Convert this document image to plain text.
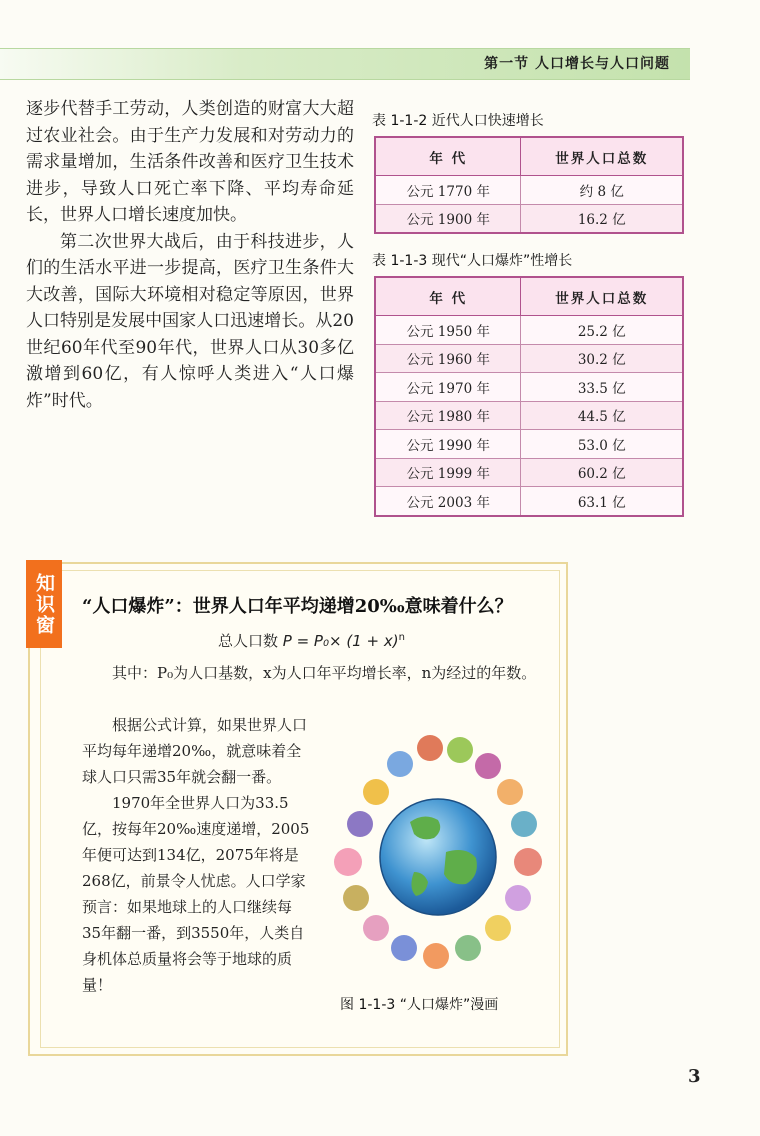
第一节 人口增长与人口问题

逐步代替手工劳动，人类创造的财富大大超过农业社会。由于生产力发展和对劳动力的需求量增加，生活条件改善和医疗卫生技术进步，导致人口死亡率下降、平均寿命延长，世界人口增长速度加快。

第二次世界大战后，由于科技进步，人们的生活水平进一步提高，医疗卫生条件大大改善，国际大环境相对稳定等原因，世界人口特别是发展中国家人口迅速增长。从20世纪60年代至90年代，世界人口从30多亿激增到60亿，有人惊呼人类进入“人口爆炸”时代。

表 1-1-2 近代人口快速增长
年 代	世界人口总数
公元 1770 年	约 8 亿
公元 1900 年	16.2 亿
表 1-1-3 现代“人口爆炸”性增长
年 代	世界人口总数
公元 1950 年	25.2 亿
公元 1960 年	30.2 亿
公元 1970 年	33.5 亿
公元 1980 年	44.5 亿
公元 1990 年	53.0 亿
公元 1999 年	60.2 亿
公元 2003 年	63.1 亿
知识窗	“人口爆炸”：世界人口年平均递增20‰意味着什么？
总人口数 $P = P_0\times (1 + x)^n$

其中：P₀为人口基数，x为人口年平均增长率，n为经过的年数。

根据公式计算，如果世界人口平均每年递增20‰，就意味着全球人口只需35年就会翻一番。

1970年全世界人口为33.5亿，按每年20‰速度递增，2005年便可达到134亿，2075年将是268亿，前景令人忧虑。人口学家预言：如果地球上的人口继续每35年翻一番，到3550年，人类自身机体总质量将会等于地球的质量！

图 1-1-3 “人口爆炸”漫画
3
